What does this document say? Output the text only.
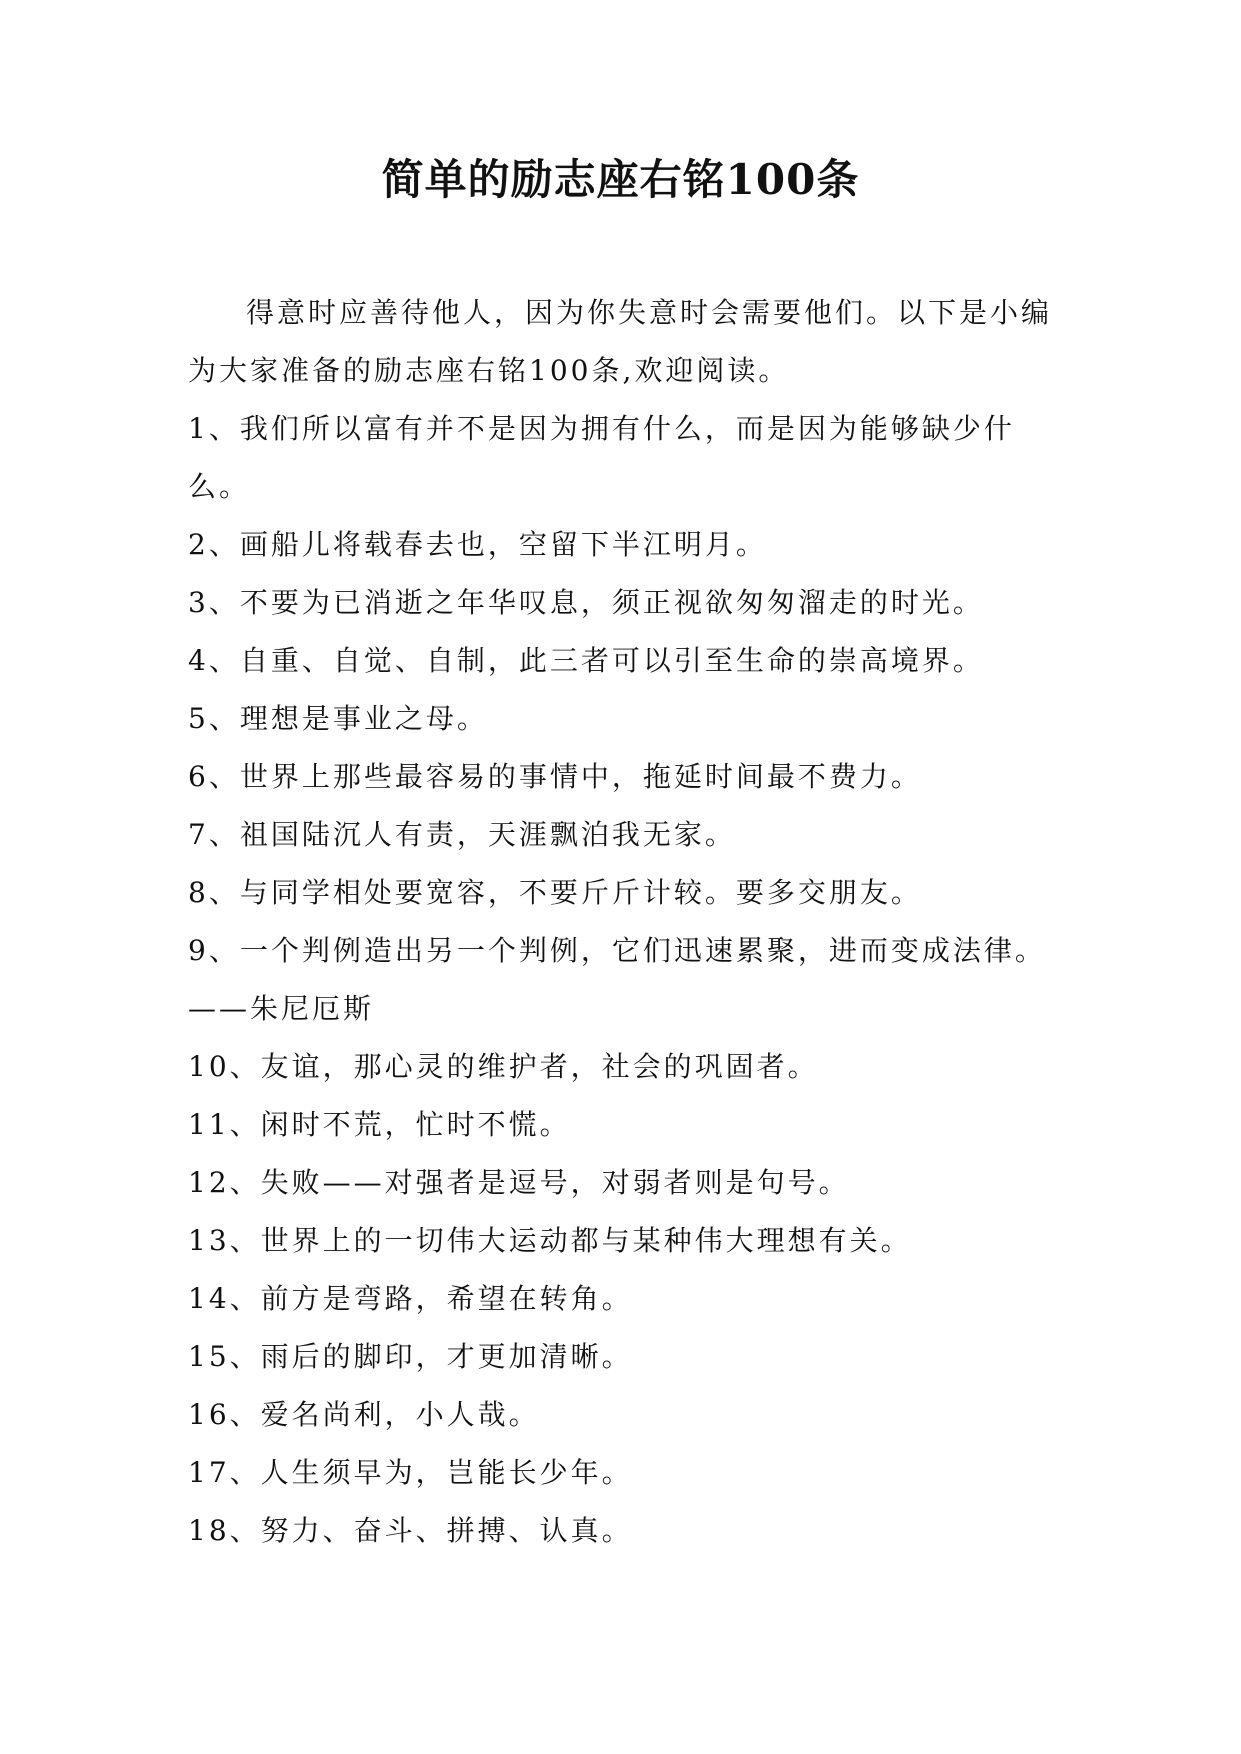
简单的励志座右铭100条

得意时应善待他人，因为你失意时会需要他们。以下是小编为大家准备的励志座右铭100条,欢迎阅读。

1、我们所以富有并不是因为拥有什么，而是因为能够缺少什么。

2、画船儿将载春去也，空留下半江明月。

3、不要为已消逝之年华叹息，须正视欲匆匆溜走的时光。

4、自重、自觉、自制，此三者可以引至生命的崇高境界。

5、理想是事业之母。

6、世界上那些最容易的事情中，拖延时间最不费力。

7、祖国陆沉人有责，天涯飘泊我无家。

8、与同学相处要宽容，不要斤斤计较。要多交朋友。

9、一个判例造出另一个判例，它们迅速累聚，进而变成法律。——朱尼厄斯

10、友谊，那心灵的维护者，社会的巩固者。

11、闲时不荒，忙时不慌。

12、失败——对强者是逗号，对弱者则是句号。

13、世界上的一切伟大运动都与某种伟大理想有关。

14、前方是弯路，希望在转角。

15、雨后的脚印，才更加清晰。

16、爱名尚利，小人哉。

17、人生须早为，岂能长少年。

18、努力、奋斗、拼搏、认真。
